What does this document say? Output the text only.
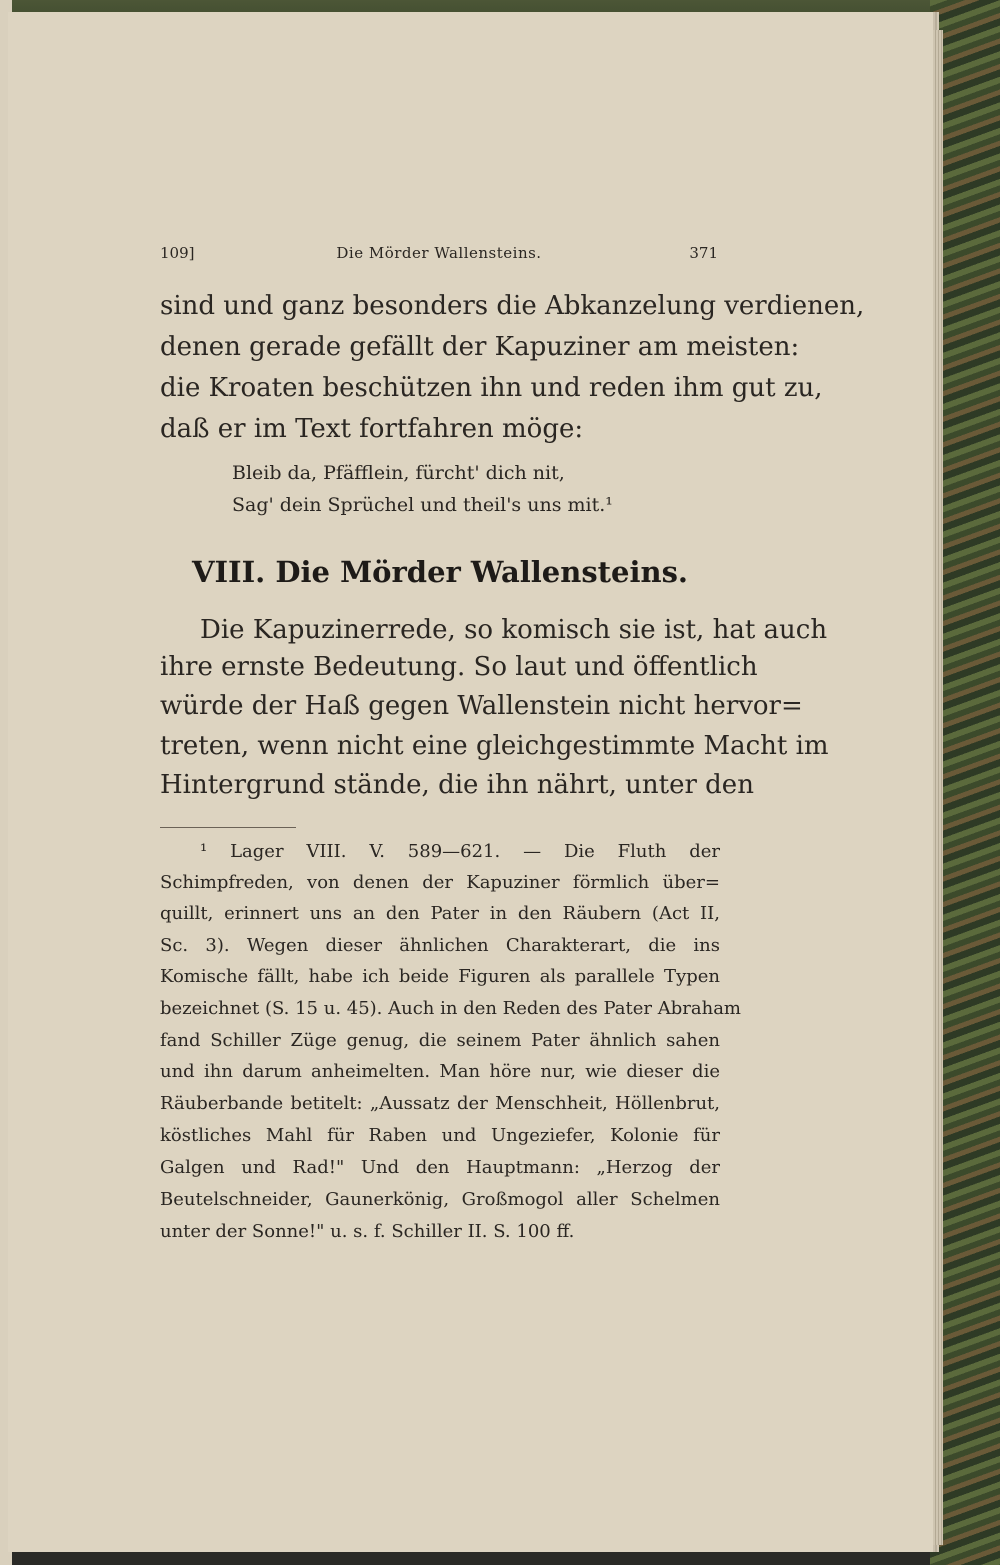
Die Mörder Wallensteins.
109]	371
sind und ganz besonders die Abkanzelung verdienen,
denen gerade gefällt der Kapuziner am meisten:
die Kroaten beschützen ihn und reden ihm gut zu,
daß er im Text fortfahren möge:
Bleib da, Pfäfflein, fürcht' dich nit,
Sag' dein Sprüchel und theil's uns mit.¹
VIII. Die Mörder Wallensteins.
Die Kapuzinerrede, so komisch sie ist, hat auch
ihre ernste Bedeutung. So laut und öffentlich
würde der Haß gegen Wallenstein nicht hervor=
treten, wenn nicht eine gleichgestimmte Macht im
Hintergrund stände, die ihn nährt, unter den
¹ Lager VIII. V. 589—621. — Die Fluth der
Schimpfreden, von denen der Kapuziner förmlich über=
quillt, erinnert uns an den Pater in den Räubern (Act II,
Sc. 3). Wegen dieser ähnlichen Charakterart, die ins
Komische fällt, habe ich beide Figuren als parallele Typen
bezeichnet (S. 15 u. 45). Auch in den Reden des Pater Abraham
fand Schiller Züge genug, die seinem Pater ähnlich sahen
und ihn darum anheimelten. Man höre nur, wie dieser die
Räuberbande betitelt: „Aussatz der Menschheit, Höllenbrut,
köstliches Mahl für Raben und Ungeziefer, Kolonie für
Galgen und Rad!" Und den Hauptmann: „Herzog der
Beutelschneider, Gaunerkönig, Großmogol aller Schelmen
unter der Sonne!" u. s. f. Schiller II. S. 100 ff.
